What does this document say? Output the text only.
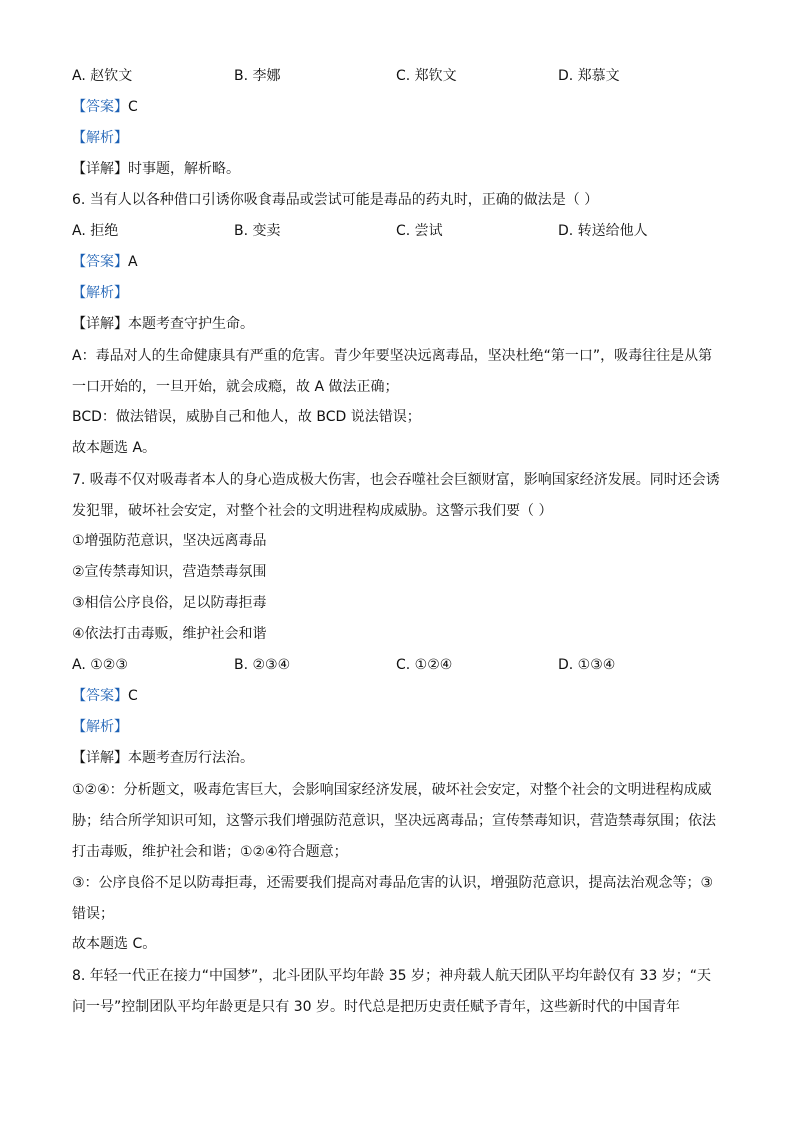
A. 赵钦文	B. 李娜	C. 郑钦文	D. 郑慕文
【答案】C
【解析】
【详解】时事题，解析略。
6. 当有人以各种借口引诱你吸食毒品或尝试可能是毒品的药丸时，正确的做法是（ ）
A. 拒绝	B. 变卖	C. 尝试	D. 转送给他人
【答案】A
【解析】
【详解】本题考查守护生命。
A：毒品对人的生命健康具有严重的危害。青少年要坚决远离毒品，坚决杜绝“第一口”，吸毒往往是从第一口开始的，一旦开始，就会成瘾，故 A 做法正确；
BCD：做法错误，威胁自己和他人，故 BCD 说法错误；
故本题选 A。
7. 吸毒不仅对吸毒者本人的身心造成极大伤害，也会吞噬社会巨额财富，影响国家经济发展。同时还会诱发犯罪，破坏社会安定，对整个社会的文明进程构成威胁。这警示我们要（ ）
①增强防范意识，坚决远离毒品
②宣传禁毒知识，营造禁毒氛围
③相信公序良俗，足以防毒拒毒
④依法打击毒贩，维护社会和谐
A. ①②③	B. ②③④	C. ①②④	D. ①③④
【答案】C
【解析】
【详解】本题考查厉行法治。
①②④：分析题文，吸毒危害巨大，会影响国家经济发展，破坏社会安定，对整个社会的文明进程构成威胁；结合所学知识可知，这警示我们增强防范意识，坚决远离毒品；宣传禁毒知识，营造禁毒氛围；依法打击毒贩，维护社会和谐；①②④符合题意；
③：公序良俗不足以防毒拒毒，还需要我们提高对毒品危害的认识，增强防范意识，提高法治观念等；③错误；
故本题选 C。
8. 年轻一代正在接力“中国梦”，北斗团队平均年龄 35 岁；神舟载人航天团队平均年龄仅有 33 岁；“天问一号”控制团队平均年龄更是只有 30 岁。时代总是把历史责任赋予青年，这些新时代的中国青年
